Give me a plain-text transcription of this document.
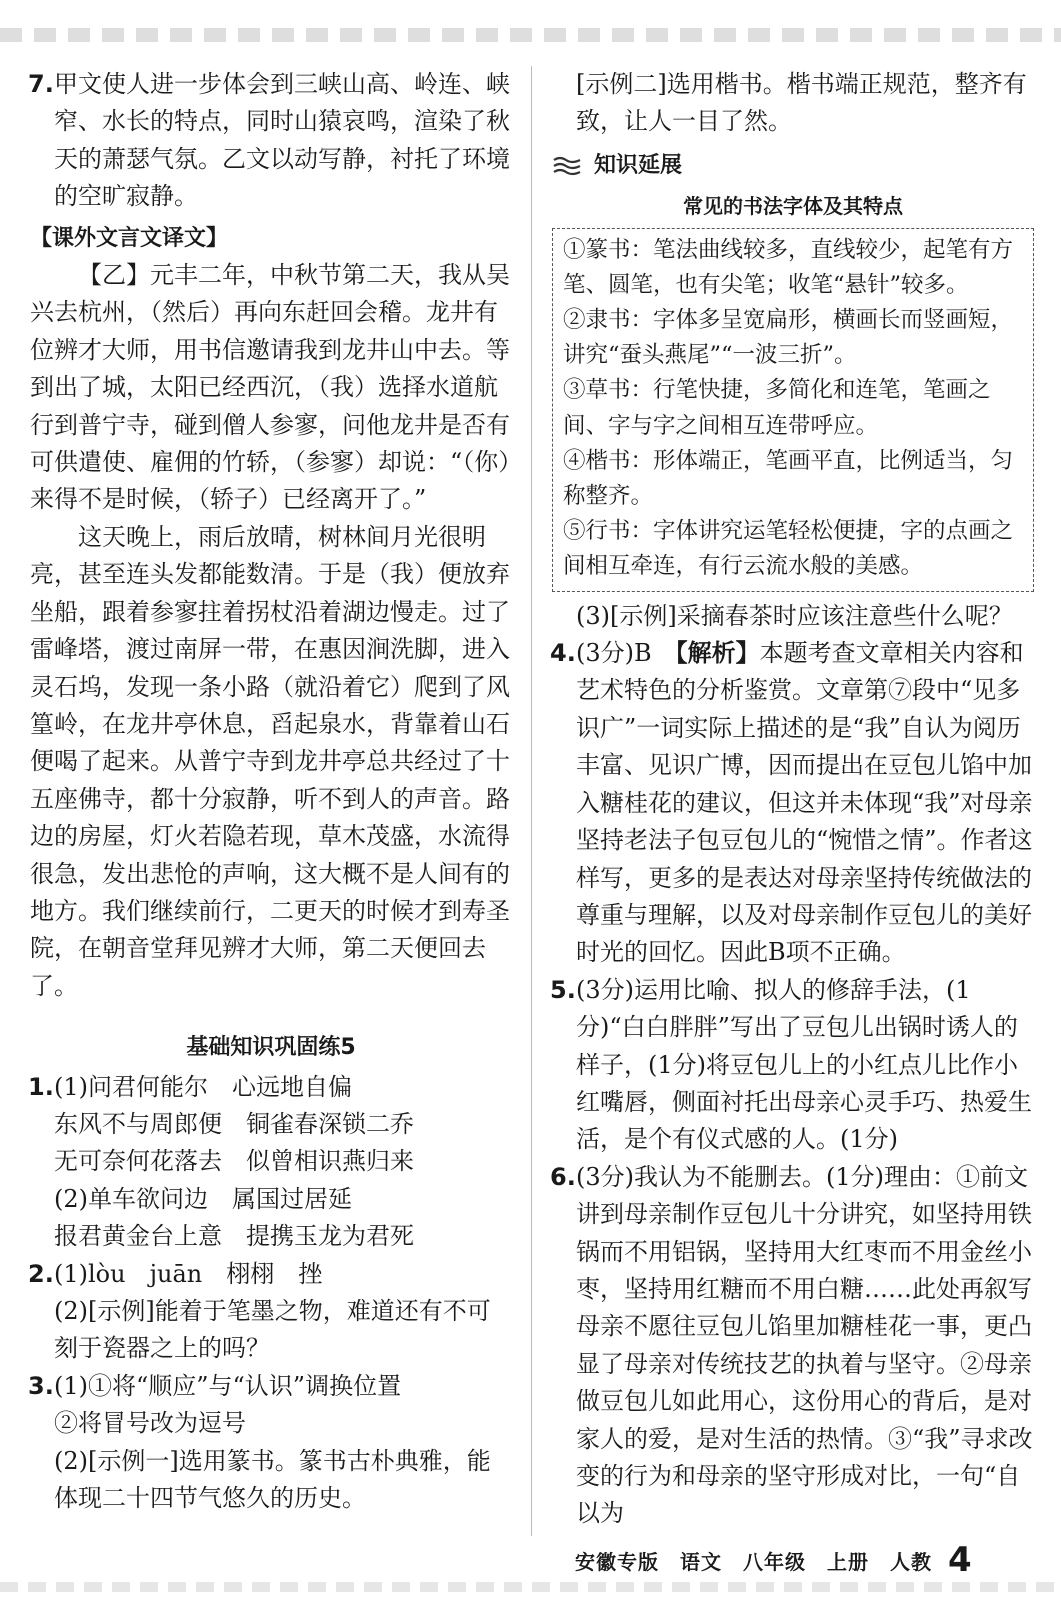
7. 甲文使人进一步体会到三峡山高、岭连、峡窄、水长的特点，同时山猿哀鸣，渲染了秋天的萧瑟气氛。乙文以动写静，衬托了环境的空旷寂静。

【课外文言文译文】

【乙】元丰二年，中秋节第二天，我从吴兴去杭州，（然后）再向东赶回会稽。龙井有位辨才大师，用书信邀请我到龙井山中去。等到出了城，太阳已经西沉，（我）选择水道航行到普宁寺，碰到僧人参寥，问他龙井是否有可供遣使、雇佣的竹轿，（参寥）却说：“（你）来得不是时候，（轿子）已经离开了。”

这天晚上，雨后放晴，树林间月光很明亮，甚至连头发都能数清。于是（我）便放弃坐船，跟着参寥拄着拐杖沿着湖边慢走。过了雷峰塔，渡过南屏一带，在惠因涧洗脚，进入灵石坞，发现一条小路（就沿着它）爬到了风篁岭，在龙井亭休息，舀起泉水，背靠着山石便喝了起来。从普宁寺到龙井亭总共经过了十五座佛寺，都十分寂静，听不到人的声音。路边的房屋，灯火若隐若现，草木茂盛，水流得很急，发出悲怆的声响，这大概不是人间有的地方。我们继续前行，二更天的时候才到寿圣院，在朝音堂拜见辨才大师，第二天便回去了。

基础知识巩固练5

1. (1)问君何能尔　心远地自偏

东风不与周郎便　铜雀春深锁二乔

无可奈何花落去　似曾相识燕归来

(2)单车欲问边　属国过居延

报君黄金台上意　提携玉龙为君死

2. (1)lòu　juān　栩栩　挫

(2)[示例]能着于笔墨之物，难道还有不可刻于瓷器之上的吗？

3. (1)①将“顺应”与“认识”调换位置

②将冒号改为逗号

(2)[示例一]选用篆书。篆书古朴典雅，能体现二十四节气悠久的历史。

[示例二]选用楷书。楷书端正规范，整齐有致，让人一目了然。

知识延展

常见的书法字体及其特点

①篆书：笔法曲线较多，直线较少，起笔有方笔、圆笔，也有尖笔；收笔“悬针”较多。

②隶书：字体多呈宽扁形，横画长而竖画短，讲究“蚕头燕尾”“一波三折”。

③草书：行笔快捷，多简化和连笔，笔画之间、字与字之间相互连带呼应。

④楷书：形体端正，笔画平直，比例适当，匀称整齐。

⑤行书：字体讲究运笔轻松便捷，字的点画之间相互牵连，有行云流水般的美感。

(3)[示例]采摘春茶时应该注意些什么呢？

4. (3分)B　【解析】本题考查文章相关内容和艺术特色的分析鉴赏。文章第⑦段中“见多识广”一词实际上描述的是“我”自认为阅历丰富、见识广博，因而提出在豆包儿馅中加入糖桂花的建议，但这并未体现“我”对母亲坚持老法子包豆包儿的“惋惜之情”。作者这样写，更多的是表达对母亲坚持传统做法的尊重与理解，以及对母亲制作豆包儿的美好时光的回忆。因此B项不正确。

5. (3分)运用比喻、拟人的修辞手法，(1分)“白白胖胖”写出了豆包儿出锅时诱人的样子，(1分)将豆包儿上的小红点儿比作小红嘴唇，侧面衬托出母亲心灵手巧、热爱生活，是个有仪式感的人。(1分)

6. (3分)我认为不能删去。(1分)理由：①前文讲到母亲制作豆包儿十分讲究，如坚持用铁锅而不用铝锅，坚持用大红枣而不用金丝小枣，坚持用红糖而不用白糖……此处再叙写母亲不愿往豆包儿馅里加糖桂花一事，更凸显了母亲对传统技艺的执着与坚守。②母亲做豆包儿如此用心，这份用心的背后，是对家人的爱，是对生活的热情。③“我”寻求改变的行为和母亲的坚守形成对比，一句“自以为

安徽专版　语文　八年级　上册　人教 4
